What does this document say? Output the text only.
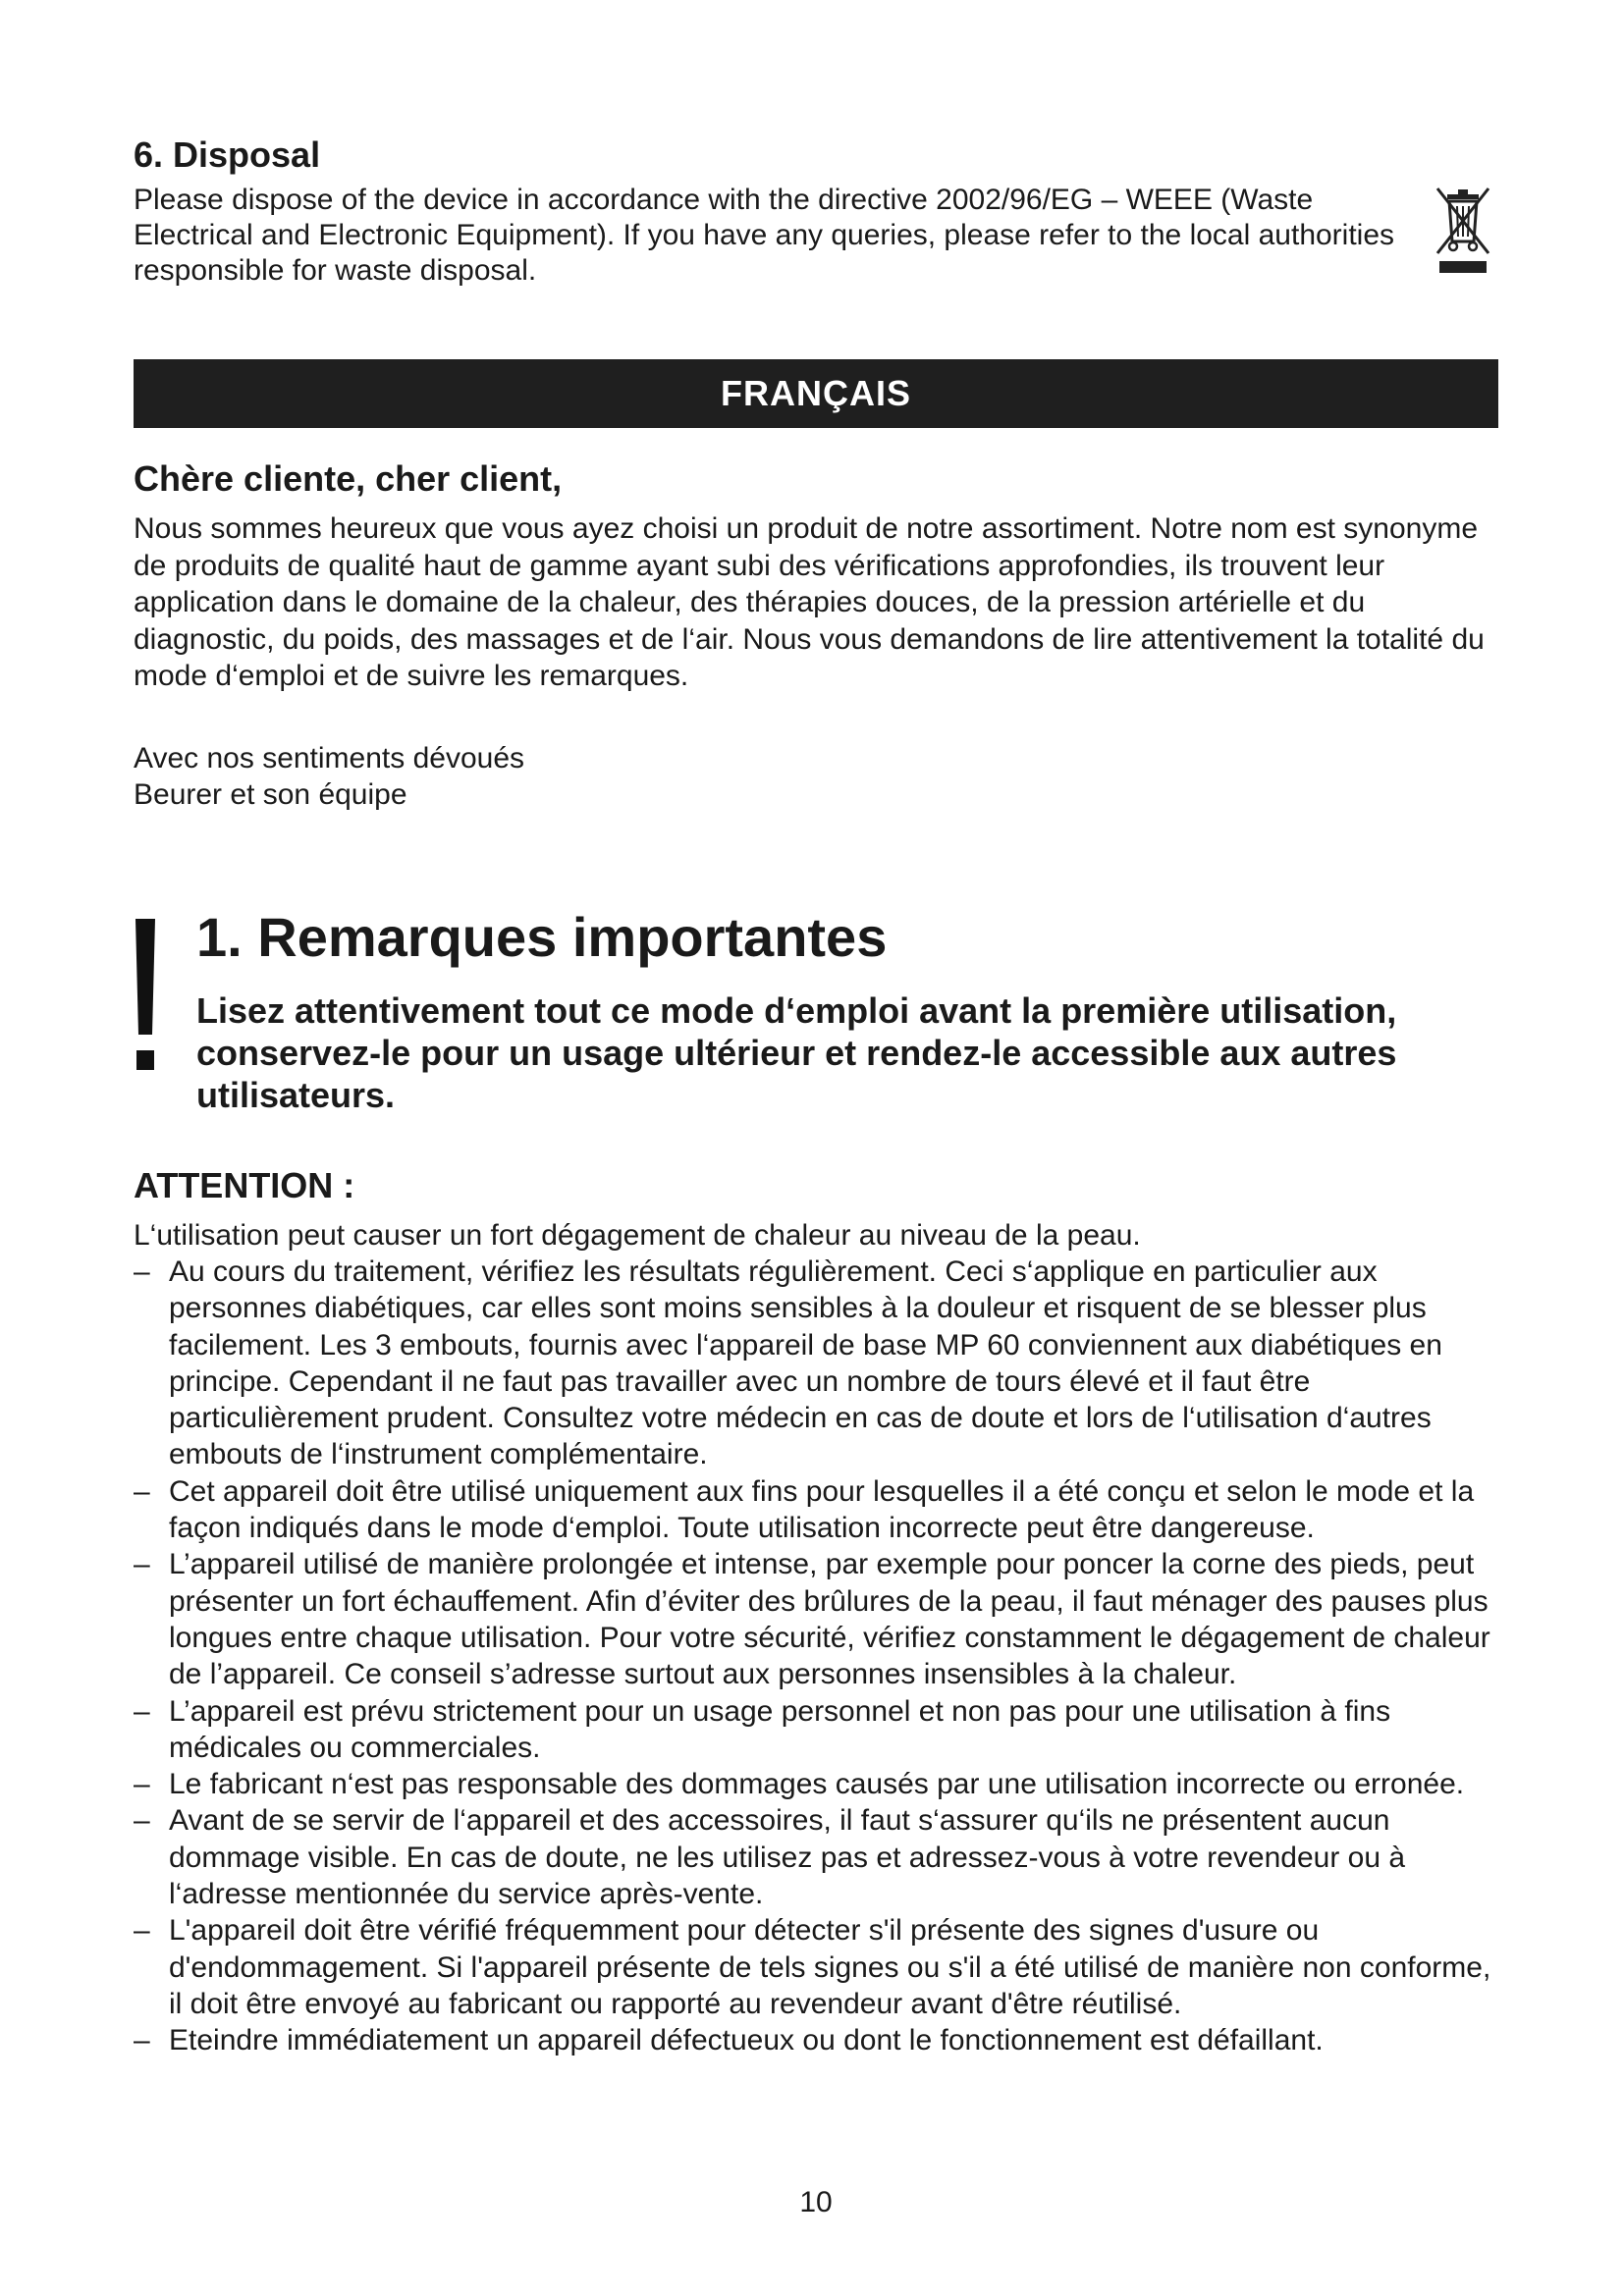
6. Disposal

Please dispose of the device in accordance with the directive 2002/96/EG – WEEE (Waste Electrical and Electronic Equipment). If you have any queries, please refer to the local authorities responsible for waste disposal.

FRANÇAIS
Chère cliente, cher client,

Nous sommes heureux que vous ayez choisi un produit de notre assortiment. Notre nom est synonyme de produits de qualité haut de gamme ayant subi des vérifications approfondies, ils trouvent leur application dans le domaine de la chaleur, des thérapies douces, de la pression artérielle et du diagnostic, du poids, des massages et de l‘air. Nous vous demandons de lire attentivement la totalité du mode d‘emploi et de suivre les remarques.

Avec nos sentiments dévoués
Beurer et son équipe
1. Remarques importantes

Lisez attentivement tout ce mode d‘emploi avant la première utilisation, conservez-le pour un usage ultérieur et rendez-le accessible aux autres utilisateurs.

ATTENTION :

L‘utilisation peut causer un fort dégagement de chaleur au niveau de la peau.

– Au cours du traitement, vérifiez les résultats régulièrement. Ceci s‘applique en particulier aux personnes diabétiques, car elles sont moins sensibles à la douleur et risquent de se blesser plus facilement. Les 3 embouts, fournis avec l‘appareil de base MP 60 conviennent aux diabétiques en principe. Cependant il ne faut pas travailler avec un nombre de tours élevé et il faut être particulièrement prudent. Consultez votre médecin en cas de doute et lors de l‘utilisation d‘autres embouts de l‘instrument complémentaire.
– Cet appareil doit être utilisé uniquement aux fins pour lesquelles il a été conçu et selon le mode et la façon indiqués dans le mode d‘emploi. Toute utilisation incorrecte peut être dangereuse.
– L’appareil utilisé de manière prolongée et intense, par exemple pour poncer la corne des pieds, peut présenter un fort échauffement. Afin d’éviter des brûlures de la peau, il faut ménager des pauses plus longues entre chaque utilisation. Pour votre sécurité, vérifiez constamment le dégagement de chaleur de l’appareil. Ce conseil s’adresse surtout aux personnes insensibles à la chaleur.
– L’appareil est prévu strictement pour un usage personnel et non pas pour une utilisation à fins médicales ou commerciales.
– Le fabricant n‘est pas responsable des dommages causés par une utilisation incorrecte ou erronée.
– Avant de se servir de l‘appareil et des accessoires, il faut s‘assurer qu‘ils ne présentent aucun dommage visible. En cas de doute, ne les utilisez pas et adressez-vous à votre revendeur ou à l‘adresse mentionnée du service après-vente.
– L'appareil doit être vérifié fréquemment pour détecter s'il présente des signes d'usure ou d'endommagement. Si l'appareil présente de tels signes ou s'il a été utilisé de manière non conforme, il doit être envoyé au fabricant ou rapporté au revendeur avant d'être réutilisé.
– Eteindre immédiatement un appareil défectueux ou dont le fonctionnement est défaillant.
10
